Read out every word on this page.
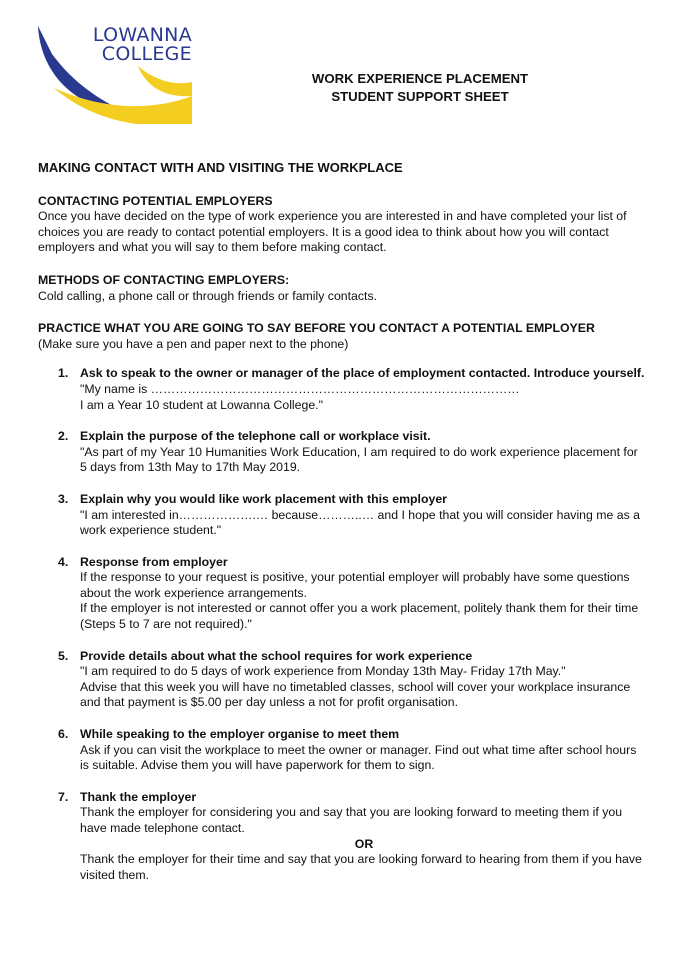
LOWANNA
COLLEGE
WORK EXPERIENCE PLACEMENT
STUDENT SUPPORT SHEET
MAKING CONTACT WITH AND VISITING THE WORKPLACE
CONTACTING POTENTIAL EMPLOYERS

Once you have decided on the type of work experience you are interested in and have completed your list of choices you are ready to contact potential employers. It is a good idea to think about how you will contact employers and what you will say to them before making contact.

METHODS OF CONTACTING EMPLOYERS:

Cold calling, a phone call or through friends or family contacts.

PRACTICE WHAT YOU ARE GOING TO SAY BEFORE YOU CONTACT A POTENTIAL EMPLOYER

(Make sure you have a pen and paper next to the phone)

1. Ask to speak to the owner or manager of the place of employment contacted. Introduce yourself.

"My name is ………………………………………………………………………………

I am a Year 10 student at Lowanna College."

2. Explain the purpose of the telephone call or workplace visit.

"As part of my Year 10 Humanities Work Education, I am required to do work experience placement for 5 days from 13th May to 17th May 2019.

3. Explain why you would like work placement with this employer

"I am interested in……………….… because………..… and I hope that you will consider having me as a work experience student."

4. Response from employer

If the response to your request is positive, your potential employer will probably have some questions about the work experience arrangements.

If the employer is not interested or cannot offer you a work placement, politely thank them for their time (Steps 5 to 7 are not required)."

5. Provide details about what the school requires for work experience

"I am required to do 5 days of work experience from Monday 13th May- Friday 17th May."

Advise that this week you will have no timetabled classes, school will cover your workplace insurance and that payment is $5.00 per day unless a not for profit organisation.

6. While speaking to the employer organise to meet them

Ask if you can visit the workplace to meet the owner or manager. Find out what time after school hours is suitable. Advise them you will have paperwork for them to sign.

7. Thank the employer

Thank the employer for considering you and say that you are looking forward to meeting them if you have made telephone contact.

OR

Thank the employer for their time and say that you are looking forward to hearing from them if you have visited them.
